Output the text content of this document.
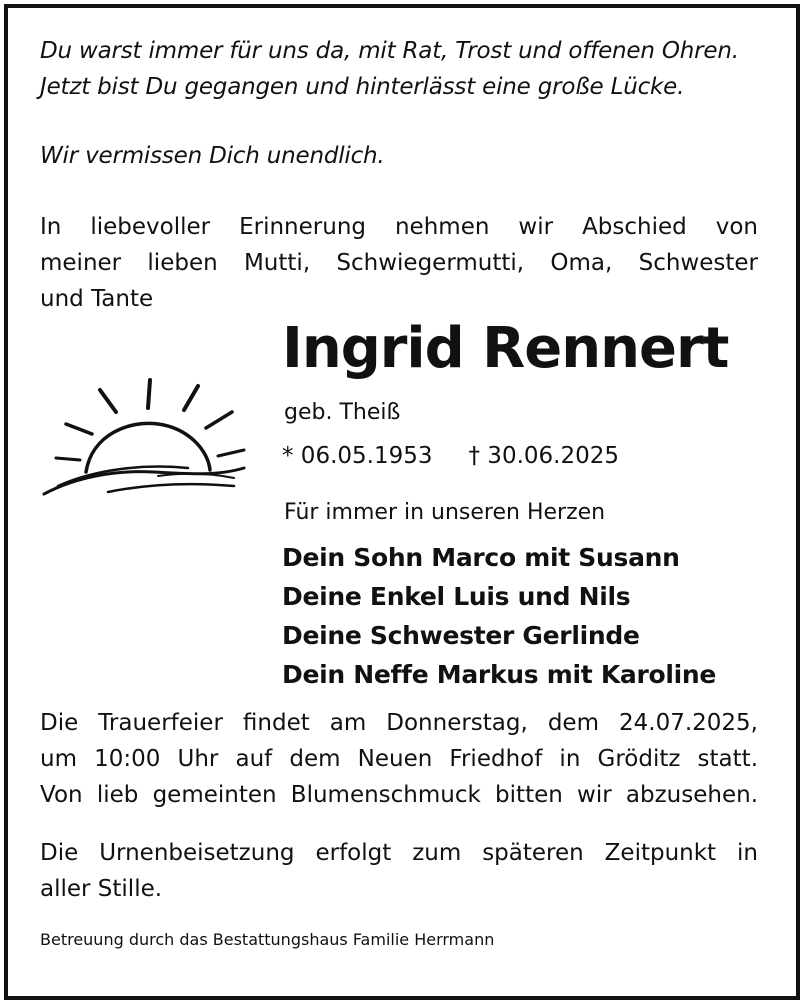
Du warst immer für uns da, mit Rat, Trost und offenen Ohren.

Jetzt bist Du gegangen und hinterlässt eine große Lücke.

Wir vermissen Dich unendlich.

In liebevoller Erinnerung nehmen wir Abschied von

meiner lieben Mutti, Schwiegermutti, Oma, Schwester

und Tante

Ingrid Rennert
geb. Theiß
* 06.05.1953 † 30.06.2025
Für immer in unseren Herzen
Dein Sohn Marco mit Susann
Deine Enkel Luis und Nils
Deine Schwester Gerlinde
Dein Neffe Markus mit Karoline

Die Trauerfeier findet am Donnerstag, dem 24.07.2025,

um 10:00 Uhr auf dem Neuen Friedhof in Gröditz statt.

Von lieb gemeinten Blumenschmuck bitten wir abzusehen.

Die Urnenbeisetzung erfolgt zum späteren Zeitpunkt in

aller Stille.

Betreuung durch das Bestattungshaus Familie Herrmann
